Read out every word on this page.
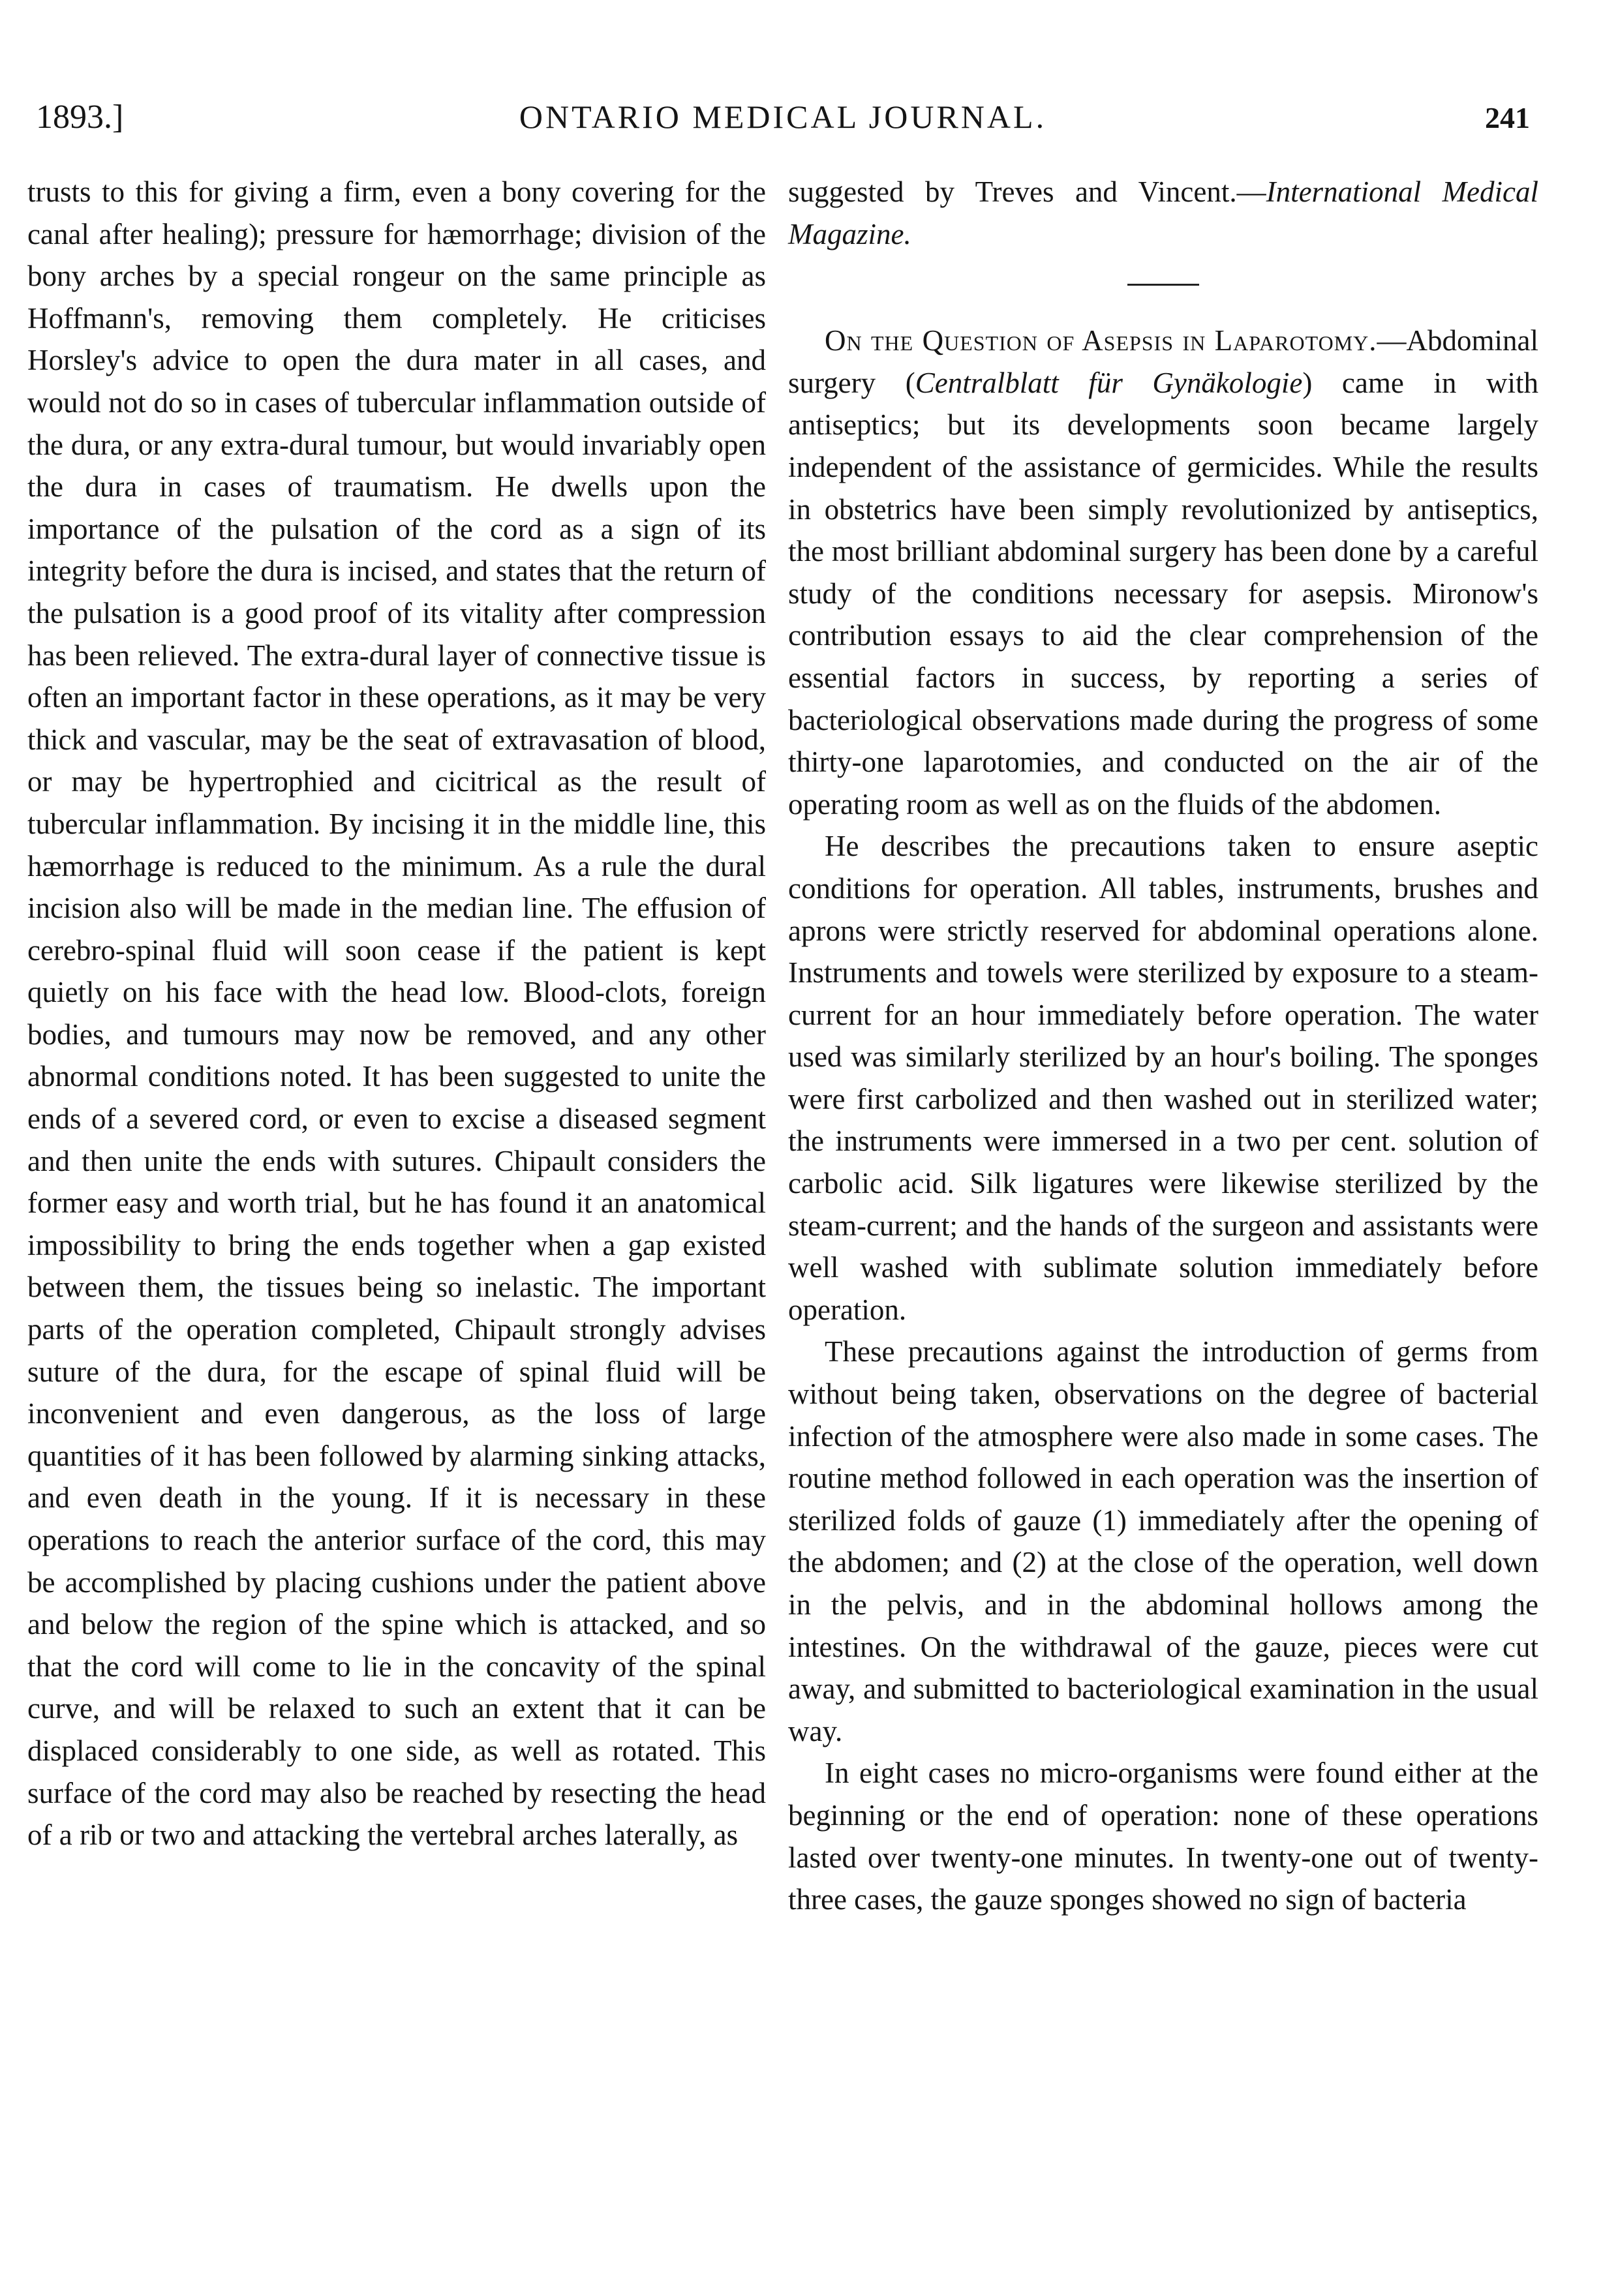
1893.]	ONTARIO MEDICAL JOURNAL.	241

trusts to this for giving a firm, even a bony covering for the canal after healing); pressure for hæmorrhage; division of the bony arches by a special rongeur on the same principle as Hoffmann's, removing them completely. He criticises Horsley's advice to open the dura mater in all cases, and would not do so in cases of tubercular inflammation outside of the dura, or any extra-dural tumour, but would invariably open the dura in cases of traumatism. He dwells upon the importance of the pulsation of the cord as a sign of its integrity before the dura is incised, and states that the return of the pulsation is a good proof of its vitality after compression has been relieved. The extra-dural layer of connective tissue is often an important factor in these operations, as it may be very thick and vascular, may be the seat of extravasation of blood, or may be hypertrophied and cicitrical as the result of tubercular inflammation. By incising it in the middle line, this hæmorrhage is reduced to the minimum. As a rule the dural incision also will be made in the median line. The effusion of cerebro-spinal fluid will soon cease if the patient is kept quietly on his face with the head low. Blood-clots, foreign bodies, and tumours may now be removed, and any other abnormal conditions noted. It has been suggested to unite the ends of a severed cord, or even to excise a diseased segment and then unite the ends with sutures. Chipault considers the former easy and worth trial, but he has found it an anatomical impossibility to bring the ends together when a gap existed between them, the tissues being so inelastic. The important parts of the operation completed, Chipault strongly advises suture of the dura, for the escape of spinal fluid will be inconvenient and even dangerous, as the loss of large quantities of it has been followed by alarming sinking attacks, and even death in the young. If it is necessary in these operations to reach the anterior surface of the cord, this may be accomplished by placing cushions under the patient above and below the region of the spine which is attacked, and so that the cord will come to lie in the concavity of the spinal curve, and will be relaxed to such an extent that it can be displaced considerably to one side, as well as rotated. This surface of the cord may also be reached by resecting the head of a rib or two and attacking the vertebral arches laterally, as

suggested by Treves and Vincent.—International Medical Magazine.

On the Question of Asepsis in Laparotomy.—Abdominal surgery (Centralblatt für Gynäkologie) came in with antiseptics; but its developments soon became largely independent of the assistance of germicides. While the results in obstetrics have been simply revolutionized by antiseptics, the most brilliant abdominal surgery has been done by a careful study of the conditions necessary for asepsis. Mironow's contribution essays to aid the clear comprehension of the essential factors in success, by reporting a series of bacteriological observations made during the progress of some thirty-one laparotomies, and conducted on the air of the operating room as well as on the fluids of the abdomen.

He describes the precautions taken to ensure aseptic conditions for operation. All tables, instruments, brushes and aprons were strictly reserved for abdominal operations alone. Instruments and towels were sterilized by exposure to a steam-current for an hour immediately before operation. The water used was similarly sterilized by an hour's boiling. The sponges were first carbolized and then washed out in sterilized water; the instruments were immersed in a two per cent. solution of carbolic acid. Silk ligatures were likewise sterilized by the steam-current; and the hands of the surgeon and assistants were well washed with sublimate solution immediately before operation.

These precautions against the introduction of germs from without being taken, observations on the degree of bacterial infection of the atmosphere were also made in some cases. The routine method followed in each operation was the insertion of sterilized folds of gauze (1) immediately after the opening of the abdomen; and (2) at the close of the operation, well down in the pelvis, and in the abdominal hollows among the intestines. On the withdrawal of the gauze, pieces were cut away, and submitted to bacteriological examination in the usual way.

In eight cases no micro-organisms were found either at the beginning or the end of operation: none of these operations lasted over twenty-one minutes. In twenty-one out of twenty-three cases, the gauze sponges showed no sign of bacteria
